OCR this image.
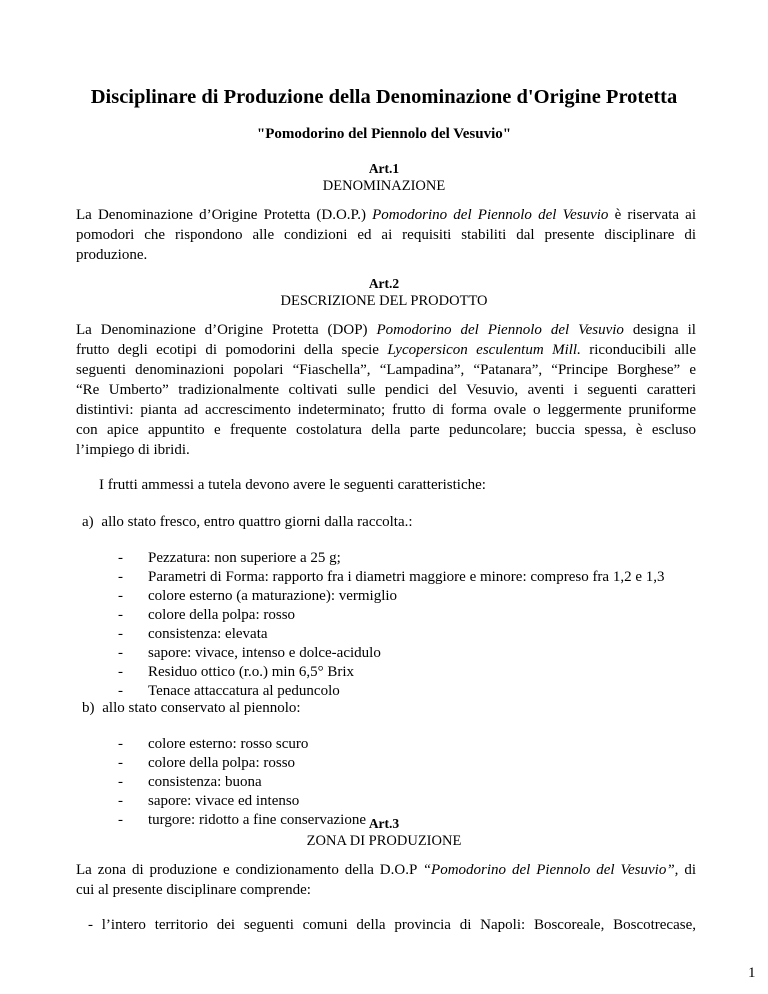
Disciplinare di Produzione della Denominazione d'Origine Protetta
"Pomodorino del Piennolo del Vesuvio"
Art.1
DENOMINAZIONE
La Denominazione d’Origine Protetta (D.O.P.) Pomodorino del Piennolo del Vesuvio è riservata ai
pomodori che rispondono alle condizioni ed ai requisiti stabiliti dal presente disciplinare di
produzione.
Art.2
DESCRIZIONE DEL PRODOTTO
La Denominazione d’Origine Protetta (DOP) Pomodorino del Piennolo del Vesuvio designa il
frutto degli ecotipi di pomodorini della specie Lycopersicon esculentum Mill. riconducibili alle
seguenti denominazioni popolari “Fiaschella”, “Lampadina”, “Patanara”, “Principe Borghese” e
“Re Umberto” tradizionalmente coltivati sulle pendici del Vesuvio, aventi i seguenti caratteri
distintivi: pianta ad accrescimento indeterminato; frutto di forma ovale o leggermente pruniforme
con apice appuntito e frequente costolatura della parte peduncolare; buccia spessa, è escluso
l’impiego di ibridi.
I frutti ammessi a tutela devono avere le seguenti caratteristiche:
a) allo stato fresco, entro quattro giorni dalla raccolta.:
-	Pezzatura: non superiore a 25 g;
-	Parametri di Forma: rapporto fra i diametri maggiore e minore: compreso fra 1,2 e 1,3
-	colore esterno (a maturazione): vermiglio
-	colore della polpa: rosso
-	consistenza: elevata
-	sapore: vivace, intenso e dolce-acidulo
-	Residuo ottico (r.o.) min 6,5° Brix
-	Tenace attaccatura al peduncolo
b) allo stato conservato al piennolo:
-	colore esterno: rosso scuro
-	colore della polpa: rosso
-	consistenza: buona
-	sapore: vivace ed intenso
-	turgore: ridotto a fine conservazione Art.3
ZONA DI PRODUZIONE
La zona di produzione e condizionamento della D.O.P “Pomodorino del Piennolo del Vesuvio”, di
cui al presente disciplinare comprende:
- l’intero territorio dei seguenti comuni della provincia di Napoli: Boscoreale, Boscotrecase,
1
